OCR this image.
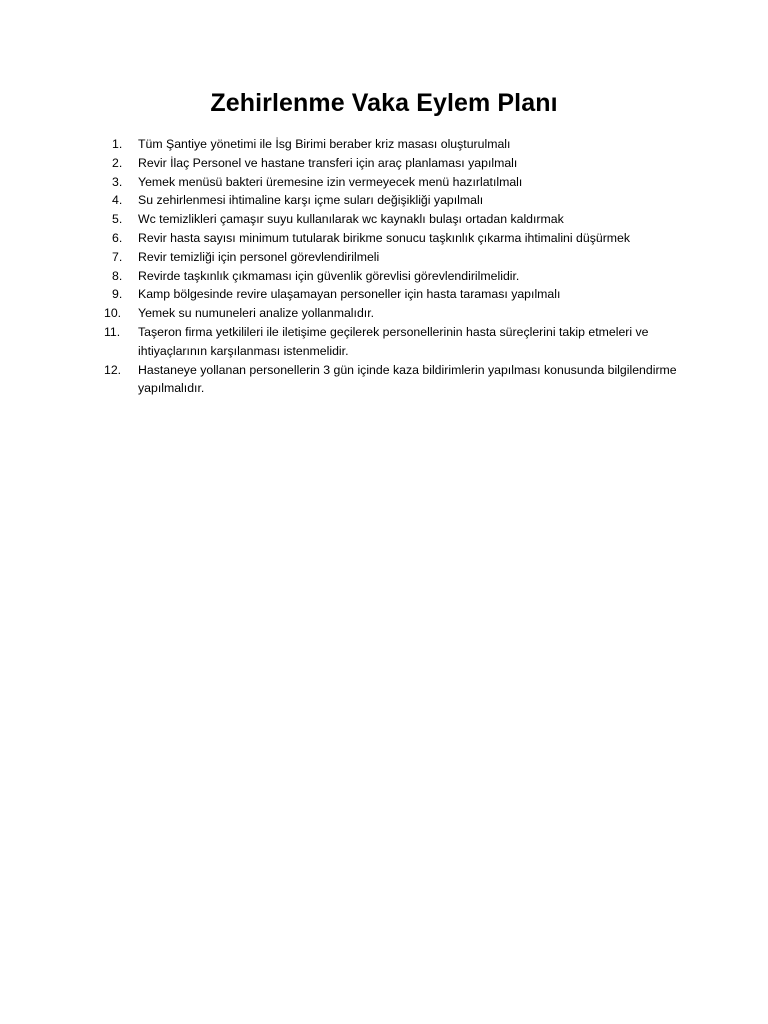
Zehirlenme Vaka Eylem Planı
1.	Tüm Şantiye yönetimi ile İsg Birimi beraber kriz masası oluşturulmalı
2.	Revir İlaç Personel ve hastane transferi için araç planlaması yapılmalı
3.	Yemek menüsü bakteri üremesine izin vermeyecek menü hazırlatılmalı
4.	Su zehirlenmesi ihtimaline karşı içme suları değişikliği yapılmalı
5.	Wc temizlikleri çamaşır suyu kullanılarak wc kaynaklı bulaşı ortadan kaldırmak
6.	Revir hasta sayısı minimum tutularak birikme sonucu taşkınlık çıkarma ihtimalini düşürmek
7.	Revir temizliği için personel görevlendirilmeli
8.	Revirde taşkınlık çıkmaması için güvenlik görevlisi görevlendirilmelidir.
9.	Kamp bölgesinde revire ulaşamayan personeller için hasta taraması yapılmalı
10.	Yemek su numuneleri analize yollanmalıdır.
11.	Taşeron firma yetkilileri ile iletişime geçilerek personellerinin hasta süreçlerini takip etmeleri ve ihtiyaçlarının karşılanması istenmelidir.
12.	Hastaneye yollanan personellerin 3 gün içinde kaza bildirimlerin yapılması konusunda bilgilendirme yapılmalıdır.
